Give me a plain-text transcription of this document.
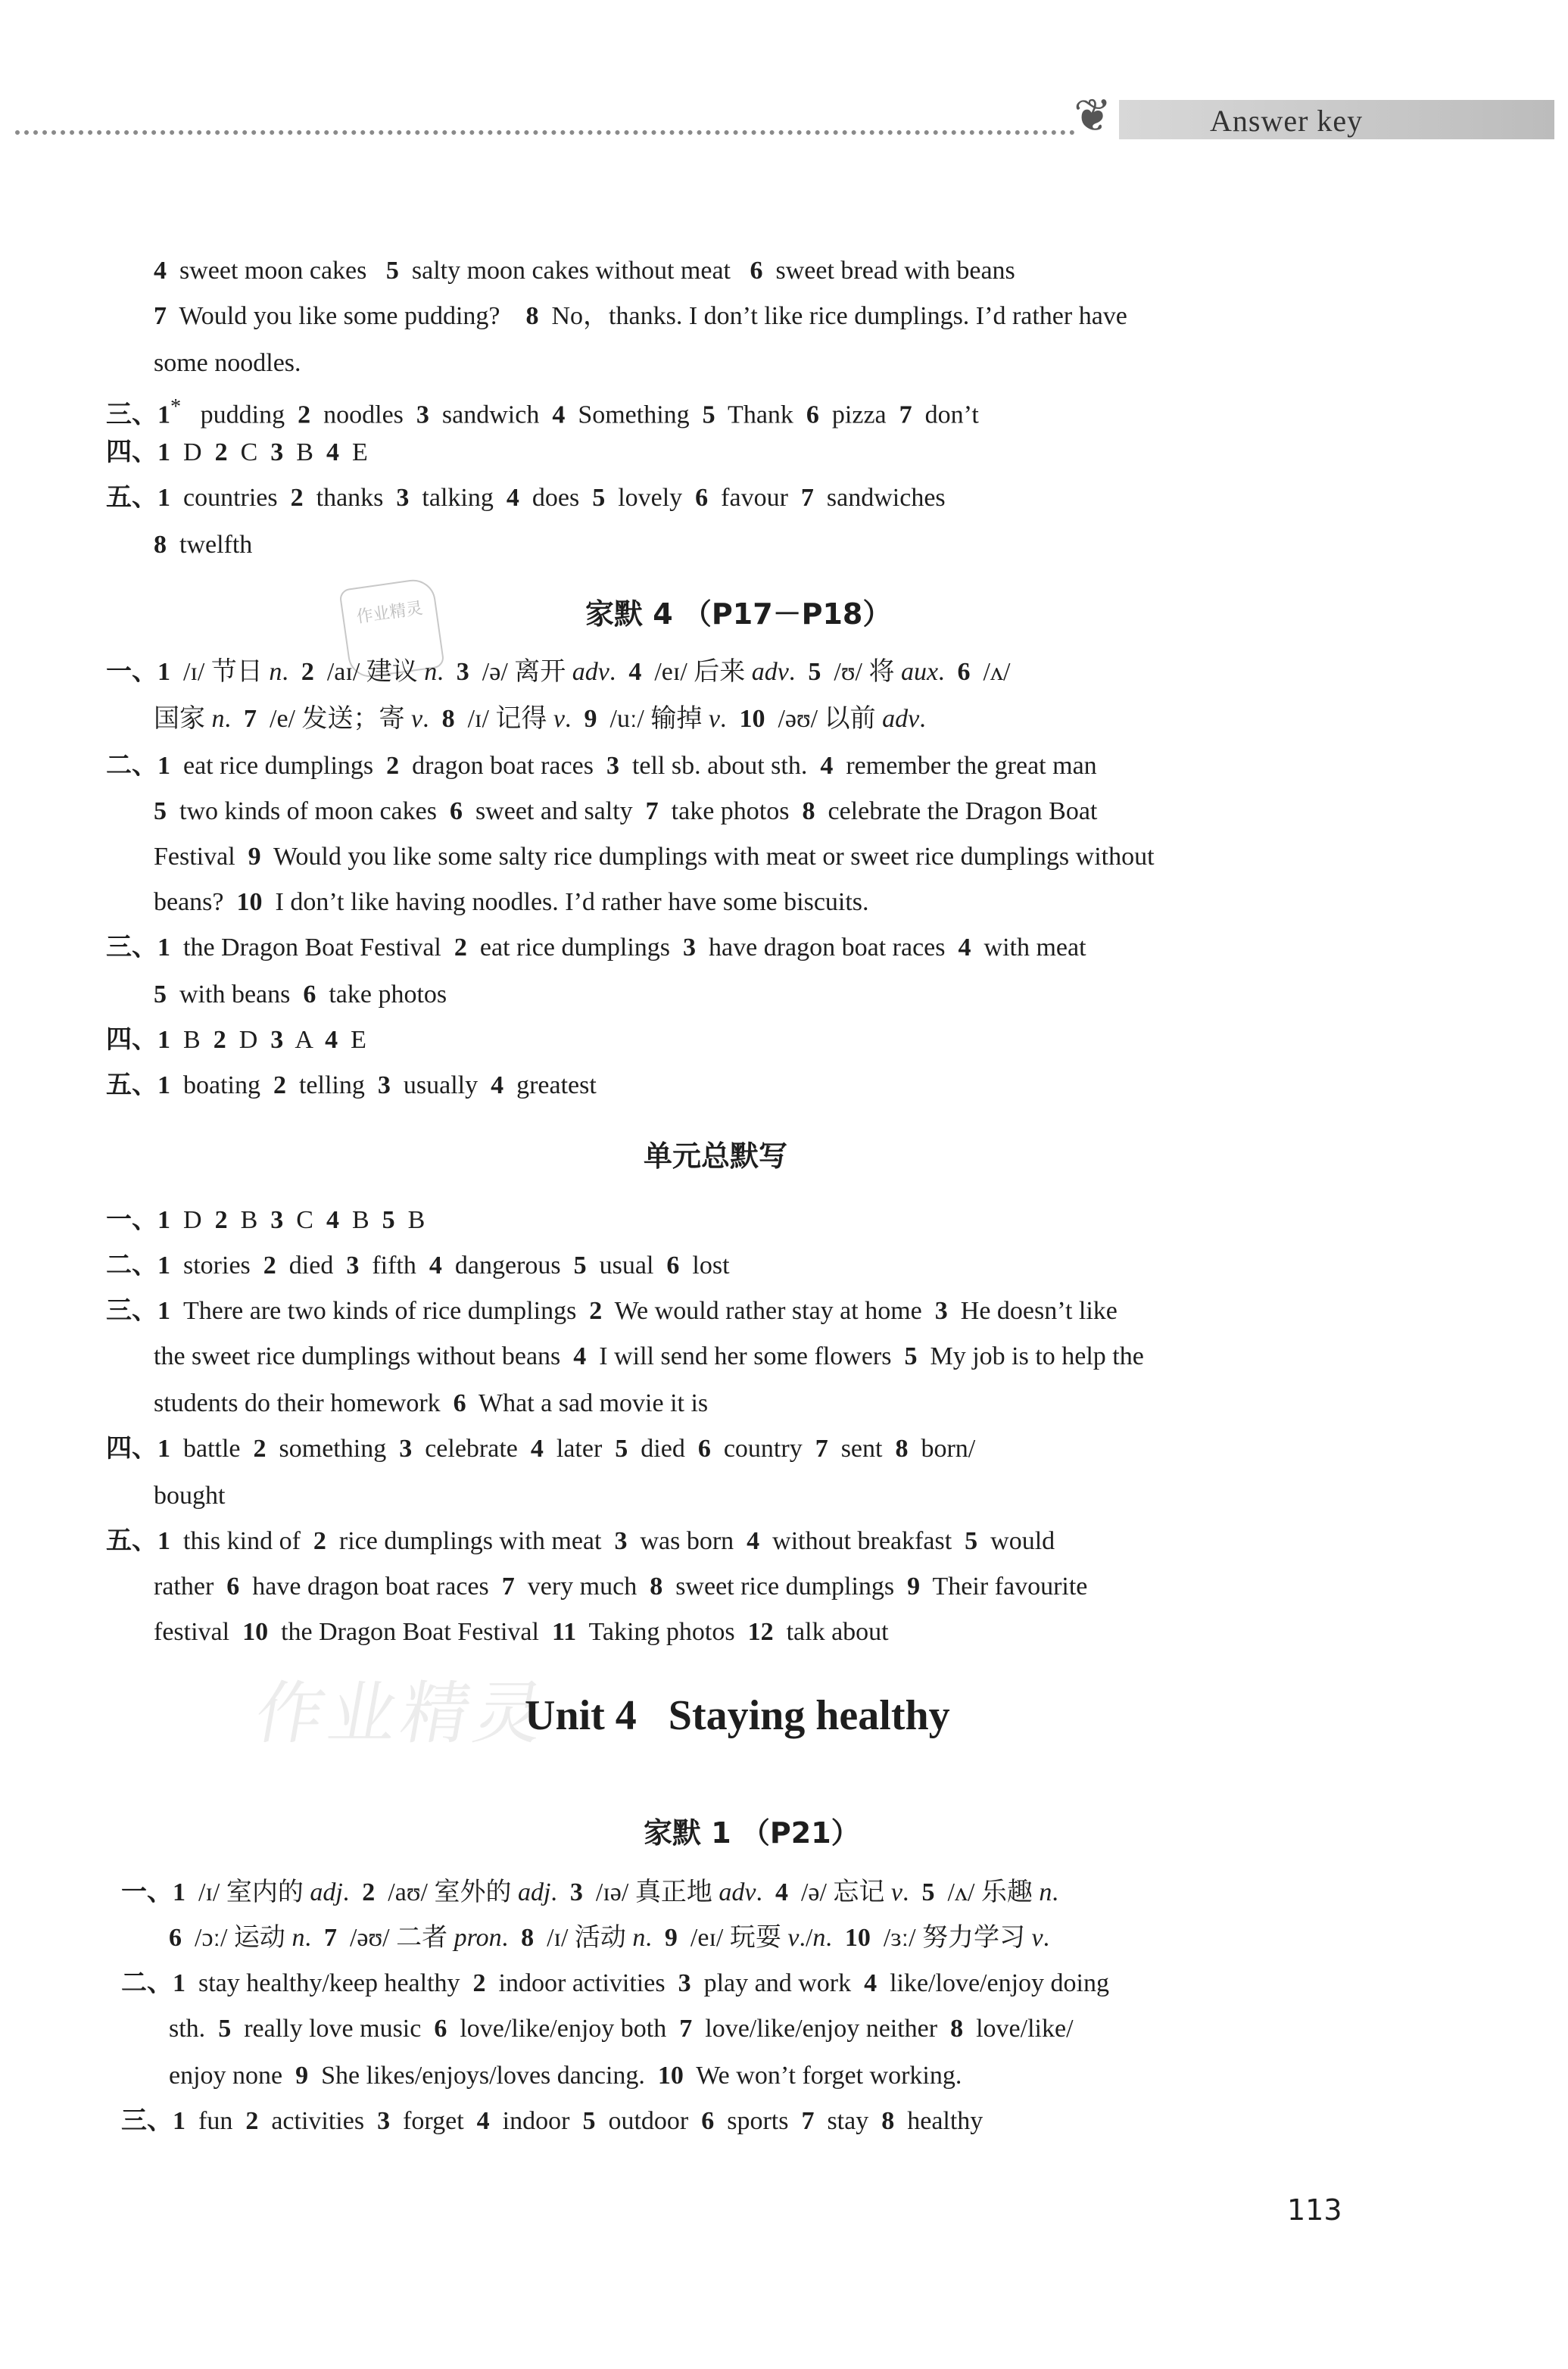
❦	Answer key
作业精灵
作业精灵
4  sweet moon cakes   5  salty moon cakes without meat   6  sweet bread with beans
7  Would you like some pudding?    8  No，thanks. I don’t like rice dumplings. I’d rather have
some noodles.
三、1*   pudding  2  noodles  3  sandwich  4  Something  5  Thank  6  pizza  7  don’t
四、1  D  2  C  3  B  4  E
五、1  countries  2  thanks  3  talking  4  does  5  lovely  6  favour  7  sandwiches
8  twelfth
家默 4 （P17－P18）
一、1  /ɪ/ 节日 n.  2  /aɪ/ 建议 n.  3  /ə/ 离开 adv.  4  /eɪ/ 后来 adv.  5  /ʊ/ 将 aux.  6  /ʌ/
国家 n.  7  /e/ 发送；寄 v.  8  /ɪ/ 记得 v.  9  /uː/ 输掉 v.  10  /əʊ/ 以前 adv.
二、1  eat rice dumplings  2  dragon boat races  3  tell sb. about sth.  4  remember the great man
5  two kinds of moon cakes  6  sweet and salty  7  take photos  8  celebrate the Dragon Boat
Festival  9  Would you like some salty rice dumplings with meat or sweet rice dumplings without
beans?  10  I don’t like having noodles. I’d rather have some biscuits.
三、1  the Dragon Boat Festival  2  eat rice dumplings  3  have dragon boat races  4  with meat
5  with beans  6  take photos
四、1  B  2  D  3  A  4  E
五、1  boating  2  telling  3  usually  4  greatest
单元总默写
一、1  D  2  B  3  C  4  B  5  B
二、1  stories  2  died  3  fifth  4  dangerous  5  usual  6  lost
三、1  There are two kinds of rice dumplings  2  We would rather stay at home  3  He doesn’t like
the sweet rice dumplings without beans  4  I will send her some flowers  5  My job is to help the
students do their homework  6  What a sad movie it is
四、1  battle  2  something  3  celebrate  4  later  5  died  6  country  7  sent  8  born/
bought
五、1  this kind of  2  rice dumplings with meat  3  was born  4  without breakfast  5  would
rather  6  have dragon boat races  7  very much  8  sweet rice dumplings  9  Their favourite
festival  10  the Dragon Boat Festival  11  Taking photos  12  talk about
Unit 4   Staying healthy
家默 1 （P21）
一、1  /ɪ/ 室内的 adj.  2  /aʊ/ 室外的 adj.  3  /ɪə/ 真正地 adv.  4  /ə/ 忘记 v.  5  /ʌ/ 乐趣 n.
6  /ɔː/ 运动 n.  7  /əʊ/ 二者 pron.  8  /ɪ/ 活动 n.  9  /eɪ/ 玩耍 v./n.  10  /ɜː/ 努力学习 v.
二、1  stay healthy/keep healthy  2  indoor activities  3  play and work  4  like/love/enjoy doing
sth.  5  really love music  6  love/like/enjoy both  7  love/like/enjoy neither  8  love/like/
enjoy none  9  She likes/enjoys/loves dancing.  10  We won’t forget working.
三、1  fun  2  activities  3  forget  4  indoor  5  outdoor  6  sports  7  stay  8  healthy
113
